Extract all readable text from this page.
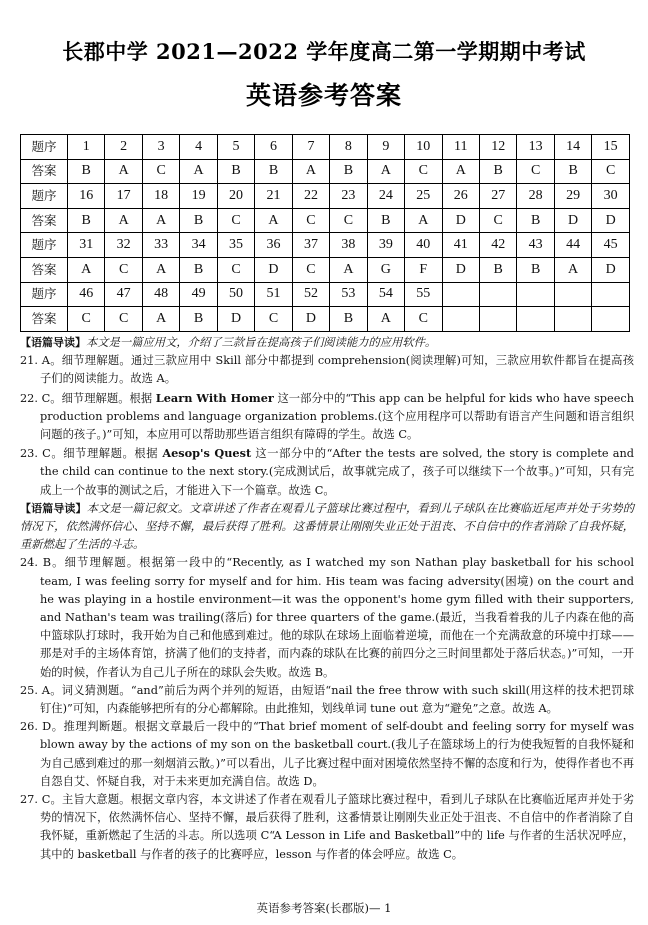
长郡中学 2021—2022 学年度高二第一学期期中考试
英语参考答案
题序	1	2	3	4	5	6	7	8	9	10	11	12	13	14	15
答案	B	A	C	A	B	B	A	B	A	C	A	B	C	B	C
题序	16	17	18	19	20	21	22	23	24	25	26	27	28	29	30
答案	B	A	A	B	C	A	C	C	B	A	D	C	B	D	D
题序	31	32	33	34	35	36	37	38	39	40	41	42	43	44	45
答案	A	C	A	B	C	D	C	A	G	F	D	B	B	A	D
题序	46	47	48	49	50	51	52	53	54	55					
答案	C	C	A	B	D	C	D	B	A	C					
【语篇导读】本文是一篇应用文，介绍了三款旨在提高孩子们阅读能力的应用软件。
21. A。细节理解题。通过三款应用中 Skill 部分中都提到 comprehension(阅读理解)可知，三款应用软件都旨在提高孩子们的阅读能力。故选 A。
22. C。细节理解题。根据 Learn With Homer 这一部分中的“This app can be helpful for kids who have speech production problems and language organization problems.(这个应用程序可以帮助有语言产生问题和语言组织问题的孩子。)”可知，本应用可以帮助那些语言组织有障碍的学生。故选 C。
23. C。细节理解题。根据 Aesop's Quest 这一部分中的“After the tests are solved, the story is complete and the child can continue to the next story.(完成测试后，故事就完成了，孩子可以继续下一个故事。)”可知，只有完成上一个故事的测试之后，才能进入下一个篇章。故选 C。
【语篇导读】本文是一篇记叙文。文章讲述了作者在观看儿子篮球比赛过程中，看到儿子球队在比赛临近尾声并处于劣势的情况下，依然满怀信心、坚持不懈，最后获得了胜利。这番情景让刚刚失业正处于沮丧、不自信中的作者消除了自我怀疑，重新燃起了生活的斗志。
24. B。细节理解题。根据第一段中的“Recently, as I watched my son Nathan play basketball for his school team, I was feeling sorry for myself and for him. His team was facing adversity(困境) on the court and he was playing in a hostile environment—it was the opponent's home gym filled with their supporters, and Nathan's team was trailing(落后) for three quarters of the game.(最近，当我看着我的儿子内森在他的高中篮球队打球时，我开始为自己和他感到难过。他的球队在球场上面临着逆境，而他在一个充满敌意的环境中打球——那是对手的主场体育馆，挤满了他们的支持者，而内森的球队在比赛的前四分之三时间里都处于落后状态。)”可知，一开始的时候，作者认为自己儿子所在的球队会失败。故选 B。
25. A。词义猜测题。“and”前后为两个并列的短语，由短语“nail the free throw with such skill(用这样的技术把罚球钉住)”可知，内森能够把所有的分心都解除。由此推知，划线单词 tune out 意为“避免”之意。故选 A。
26. D。推理判断题。根据文章最后一段中的“That brief moment of self-doubt and feeling sorry for myself was blown away by the actions of my son on the basketball court.(我儿子在篮球场上的行为使我短暂的自我怀疑和为自己感到难过的那一刻烟消云散。)”可以看出，儿子比赛过程中面对困境依然坚持不懈的态度和行为，使得作者也不再自怨自艾、怀疑自我，对于未来更加充满自信。故选 D。
27. C。主旨大意题。根据文章内容，本文讲述了作者在观看儿子篮球比赛过程中，看到儿子球队在比赛临近尾声并处于劣势的情况下，依然满怀信心、坚持不懈，最后获得了胜利，这番情景让刚刚失业正处于沮丧、不自信中的作者消除了自我怀疑，重新燃起了生活的斗志。所以选项 C“A Lesson in Life and Basketball”中的 life 与作者的生活状况呼应，其中的 basketball 与作者的孩子的比赛呼应，lesson 与作者的体会呼应。故选 C。
英语参考答案(长郡版)— 1
